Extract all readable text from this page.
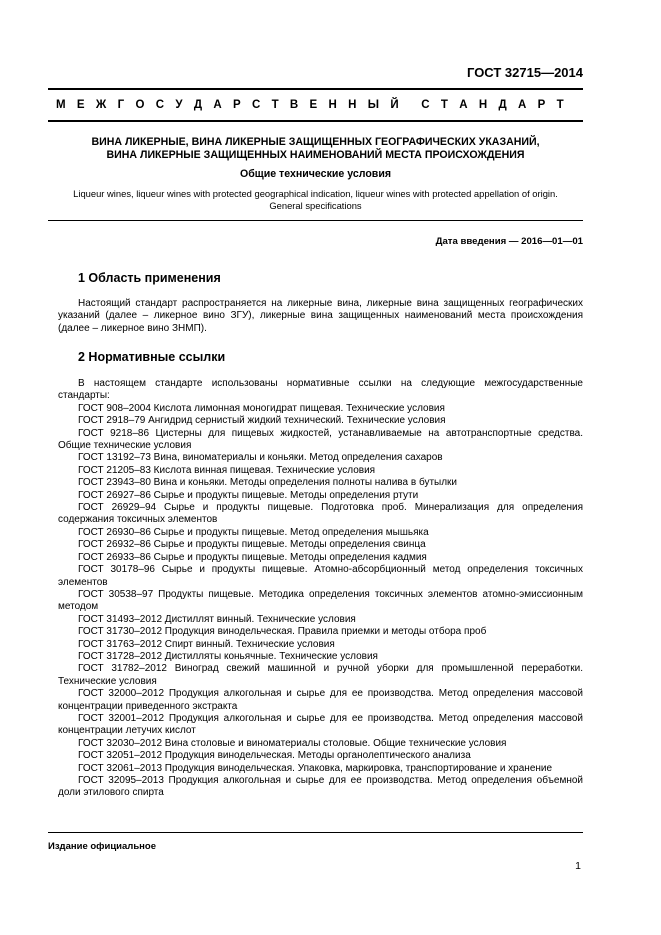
ГОСТ 32715—2014
М Е Ж Г О С У Д А Р С Т В Е Н Н Ы Й С Т А Н Д А Р Т
ВИНА ЛИКЕРНЫЕ, ВИНА ЛИКЕРНЫЕ ЗАЩИЩЕННЫХ ГЕОГРАФИЧЕСКИХ УКАЗАНИЙ,
ВИНА ЛИКЕРНЫЕ ЗАЩИЩЕННЫХ НАИМЕНОВАНИЙ МЕСТА ПРОИСХОЖДЕНИЯ
Общие технические условия
Liqueur wines, liqueur wines with protected geographical indication, liqueur wines with protected appellation of origin.
General specifications
Дата введения — 2016—01—01
1 Область применения

Настоящий стандарт распространяется на ликерные вина, ликерные вина защищенных географических указаний (далее – ликерное вино ЗГУ), ликерные вина защищенных наименований места происхождения (далее – ликерное вино ЗНМП).

2 Нормативные ссылки
В настоящем стандарте использованы нормативные ссылки на следующие межгосударственные стандарты:
ГОСТ 908–2004 Кислота лимонная моногидрат пищевая. Технические условия
ГОСТ 2918–79 Ангидрид сернистый жидкий технический. Технические условия
ГОСТ 9218–86 Цистерны для пищевых жидкостей, устанавливаемые на автотранспортные средства. Общие технические условия
ГОСТ 13192–73 Вина, виноматериалы и коньяки. Метод определения сахаров
ГОСТ 21205–83 Кислота винная пищевая. Технические условия
ГОСТ 23943–80 Вина и коньяки. Методы определения полноты налива в бутылки
ГОСТ 26927–86 Сырье и продукты пищевые. Методы определения ртути
ГОСТ 26929–94 Сырье и продукты пищевые. Подготовка проб. Минерализация для определения содержания токсичных элементов
ГОСТ 26930–86 Сырье и продукты пищевые. Метод определения мышьяка
ГОСТ 26932–86 Сырье и продукты пищевые. Методы определения свинца
ГОСТ 26933–86 Сырье и продукты пищевые. Методы определения кадмия
ГОСТ 30178–96 Сырье и продукты пищевые. Атомно-абсорбционный метод определения токсичных элементов
ГОСТ 30538–97 Продукты пищевые. Методика определения токсичных элементов атомно-эмиссионным методом
ГОСТ 31493–2012 Дистиллят винный. Технические условия
ГОСТ 31730–2012 Продукция винодельческая. Правила приемки и методы отбора проб
ГОСТ 31763–2012 Спирт винный. Технические условия
ГОСТ 31728–2012 Дистилляты коньячные. Технические условия
ГОСТ 31782–2012 Виноград свежий машинной и ручной уборки для промышленной переработки. Технические условия
ГОСТ 32000–2012 Продукция алкогольная и сырье для ее производства. Метод определения массовой концентрации приведенного экстракта
ГОСТ 32001–2012 Продукция алкогольная и сырье для ее производства. Метод определения массовой концентрации летучих кислот
ГОСТ 32030–2012 Вина столовые и виноматериалы столовые. Общие технические условия
ГОСТ 32051–2012 Продукция винодельческая. Методы органолептического анализа
ГОСТ 32061–2013 Продукция винодельческая. Упаковка, маркировка, транспортирование и хранение
ГОСТ 32095–2013 Продукция алкогольная и сырье для ее производства. Метод определения объемной доли этилового спирта
Издание официальное
1
